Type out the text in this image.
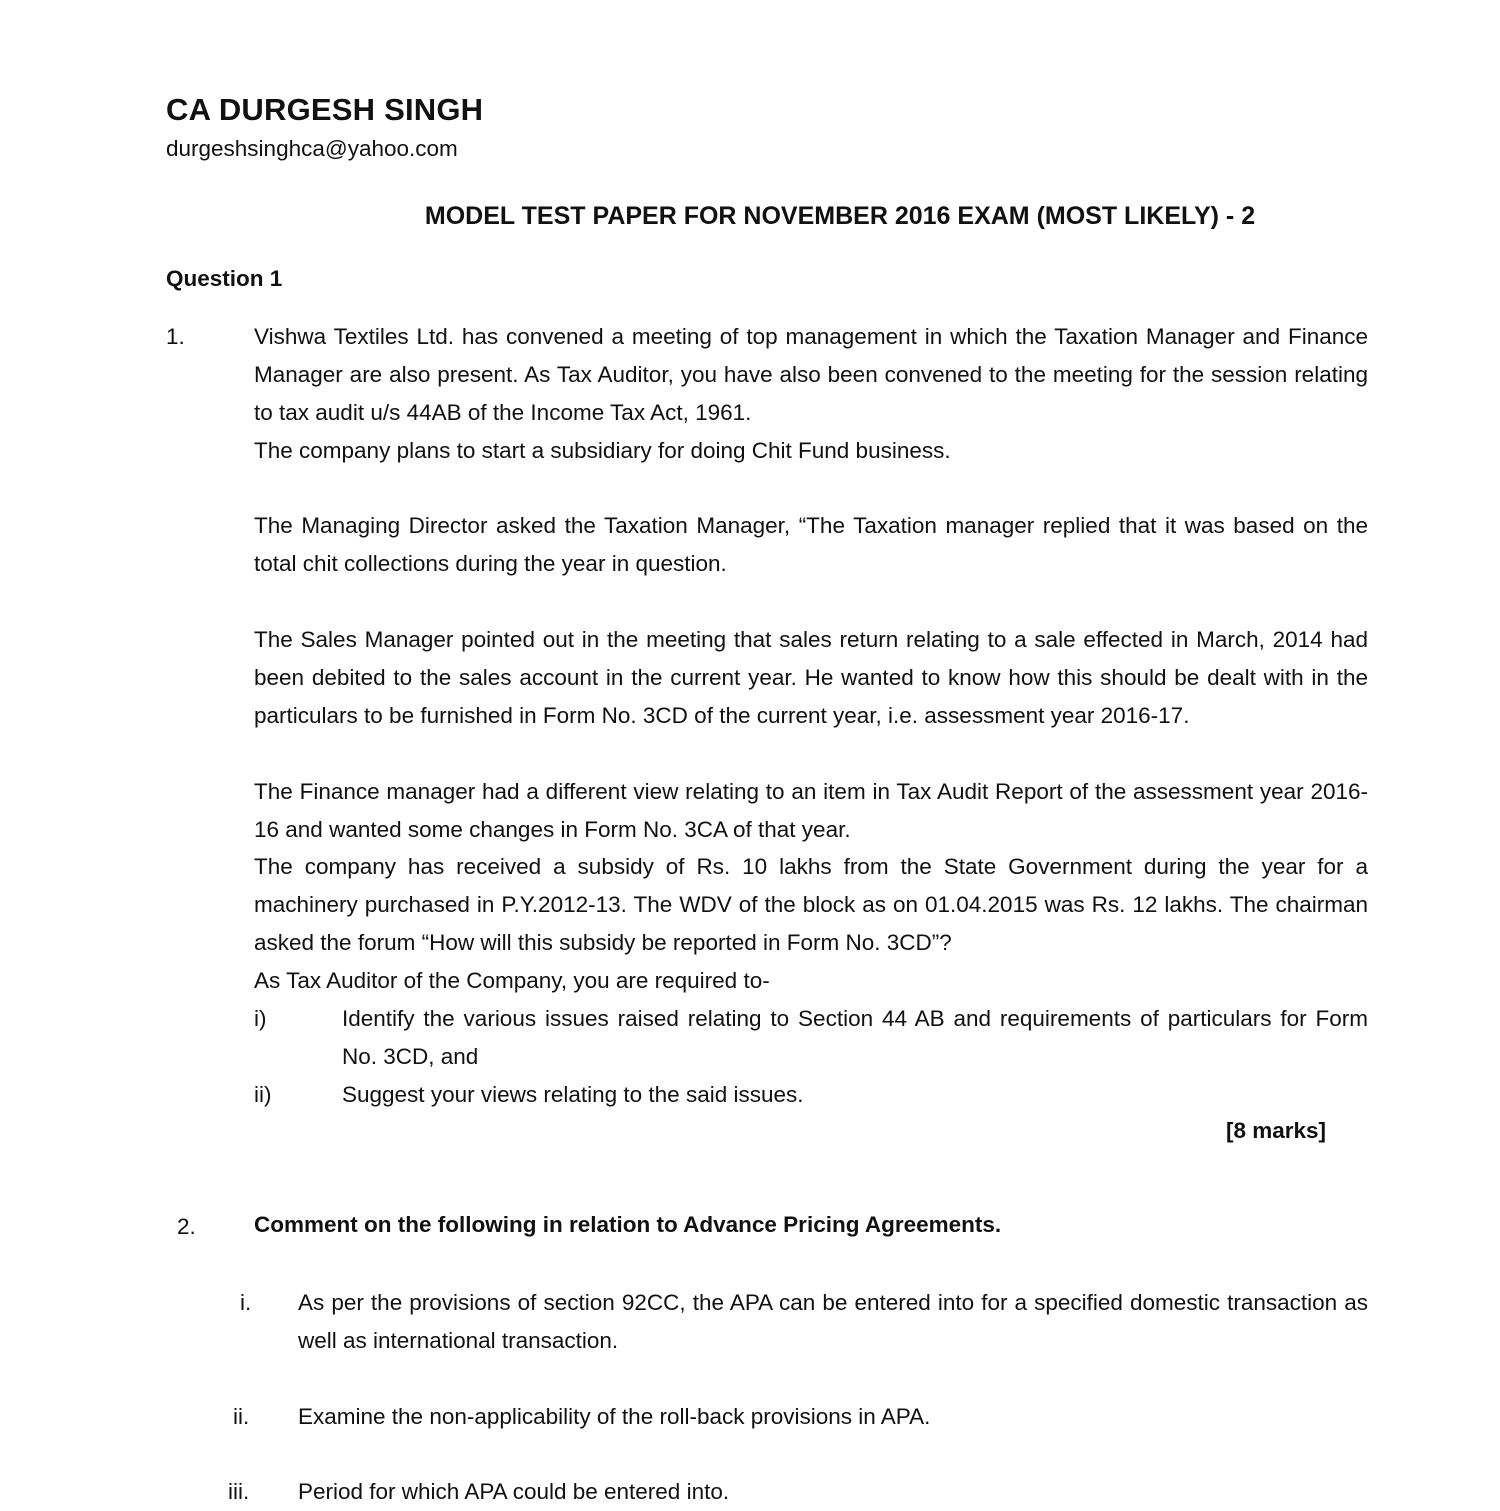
CA DURGESH SINGH
durgeshsinghca@yahoo.com
MODEL TEST PAPER FOR NOVEMBER 2016 EXAM (MOST LIKELY) - 2
Question 1
1.	Vishwa Textiles Ltd. has convened a meeting of top management in which the Taxation Manager and Finance Manager are also present. As Tax Auditor, you have also been convened to the meeting for the session relating to tax audit u/s 44AB of the Income Tax Act, 1961.
The company plans to start a subsidiary for doing Chit Fund business.
The Managing Director asked the Taxation Manager, “The Taxation manager replied that it was based on the total chit collections during the year in question.
The Sales Manager pointed out in the meeting that sales return relating to a sale effected in March, 2014 had been debited to the sales account in the current year. He wanted to know how this should be dealt with in the particulars to be furnished in Form No. 3CD of the current year, i.e. assessment year 2016-17.
The Finance manager had a different view relating to an item in Tax Audit Report of the assessment year 2016-16 and wanted some changes in Form No. 3CA of that year.
The company has received a subsidy of Rs. 10 lakhs from the State Government during the year for a machinery purchased in P.Y.2012-13. The WDV of the block as on 01.04.2015 was Rs. 12 lakhs. The chairman asked the forum “How will this subsidy be reported in Form No. 3CD”?
As Tax Auditor of the Company, you are required to-
i)	Identify the various issues raised relating to Section 44 AB and requirements of particulars for Form No. 3CD, and
ii)	Suggest your views relating to the said issues.
[8 marks]
2.	Comment on the following in relation to Advance Pricing Agreements.
i. As per the provisions of section 92CC, the APA can be entered into for a specified domestic transaction as well as international transaction.
ii. Examine the non-applicability of the roll-back provisions in APA.
iii. Period for which APA could be entered into.
